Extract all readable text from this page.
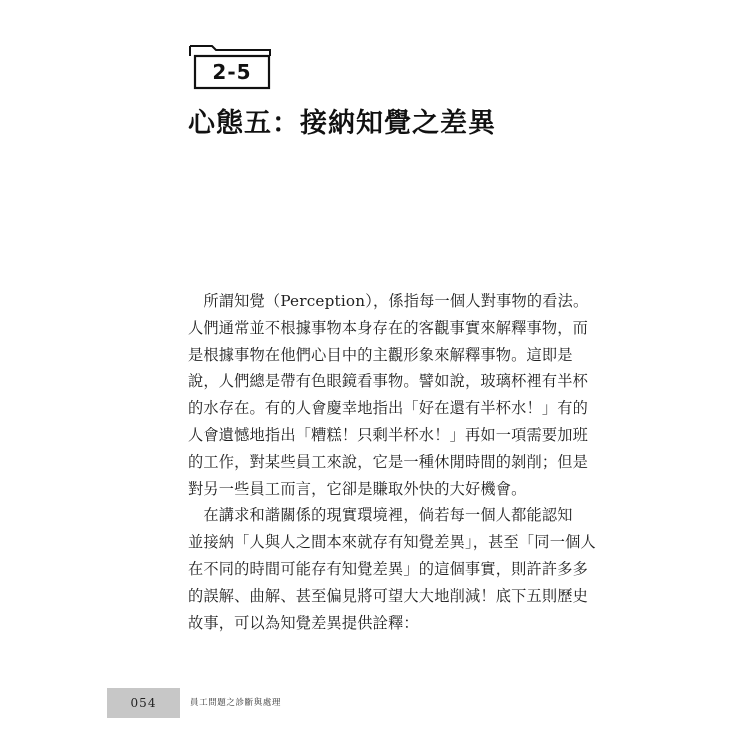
2-5
心態五：接納知覺之差異
　所謂知覺（Perception），係指每一個人對事物的看法。
人們通常並不根據事物本身存在的客觀事實來解釋事物，而
是根據事物在他們心目中的主觀形象來解釋事物。這即是
說，人們總是帶有色眼鏡看事物。譬如說，玻璃杯裡有半杯
的水存在。有的人會慶幸地指出「好在還有半杯水！」有的
人會遺憾地指出「糟糕！只剩半杯水！」再如一項需要加班
的工作，對某些員工來說，它是一種休閒時間的剝削；但是
對另一些員工而言，它卻是賺取外快的大好機會。
　在講求和諧關係的現實環境裡，倘若每一個人都能認知
並接納「人與人之間本來就存有知覺差異」，甚至「同一個人
在不同的時間可能存有知覺差異」的這個事實，則許許多多
的誤解、曲解、甚至偏見將可望大大地削減！底下五則歷史
故事，可以為知覺差異提供詮釋：
054	員工問題之診斷與處理
